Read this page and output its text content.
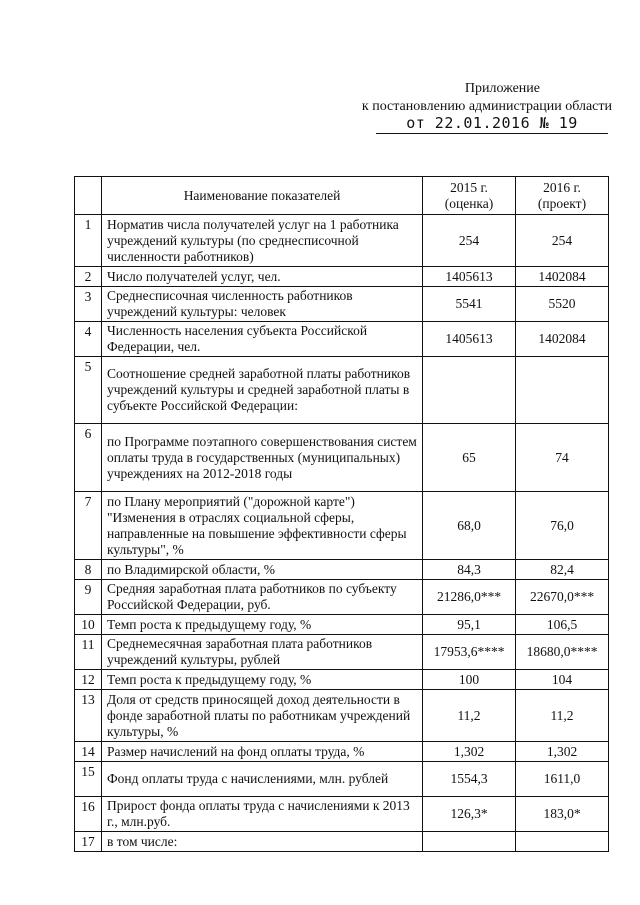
Приложение
к постановлению администрации области
от 22.01.2016 № 19
	Наименование показателей	2015 г. (оценка)	2016 г. (проект)
1	Норматив числа получателей услуг на 1 работника учреждений культуры (по среднесписочной численности работников)	254	254
2	Число получателей услуг, чел.	1405613	1402084
3	Среднесписочная численность работников учреждений культуры: человек	5541	5520
4	Численность населения субъекта Российской Федерации, чел.	1405613	1402084
5	Соотношение средней заработной платы работников учреждений культуры и средней заработной платы в субъекте Российской Федерации:		
6	по Программе поэтапного совершенствования систем оплаты труда в государственных (муниципальных) учреждениях на 2012-2018 годы	65	74
7	по Плану мероприятий ("дорожной карте") "Изменения в отраслях социальной сферы, направленные на повышение эффективности сферы культуры", %	68,0	76,0
8	по Владимирской области, %	84,3	82,4
9	Средняя заработная плата работников по субъекту Российской Федерации, руб.	21286,0***	22670,0***
10	Темп роста к предыдущему году, %	95,1	106,5
11	Среднемесячная заработная плата работников учреждений культуры, рублей	17953,6****	18680,0****
12	Темп роста к предыдущему году, %	100	104
13	Доля от средств приносящей доход деятельности в фонде заработной платы по работникам учреждений культуры, %	11,2	11,2
14	Размер начислений на фонд оплаты труда, %	1,302	1,302
15	Фонд оплаты труда с начислениями, млн. рублей	1554,3	1611,0
16	Прирост фонда оплаты труда с начислениями к 2013 г., млн.руб.	126,3*	183,0*
17	в том числе:		
